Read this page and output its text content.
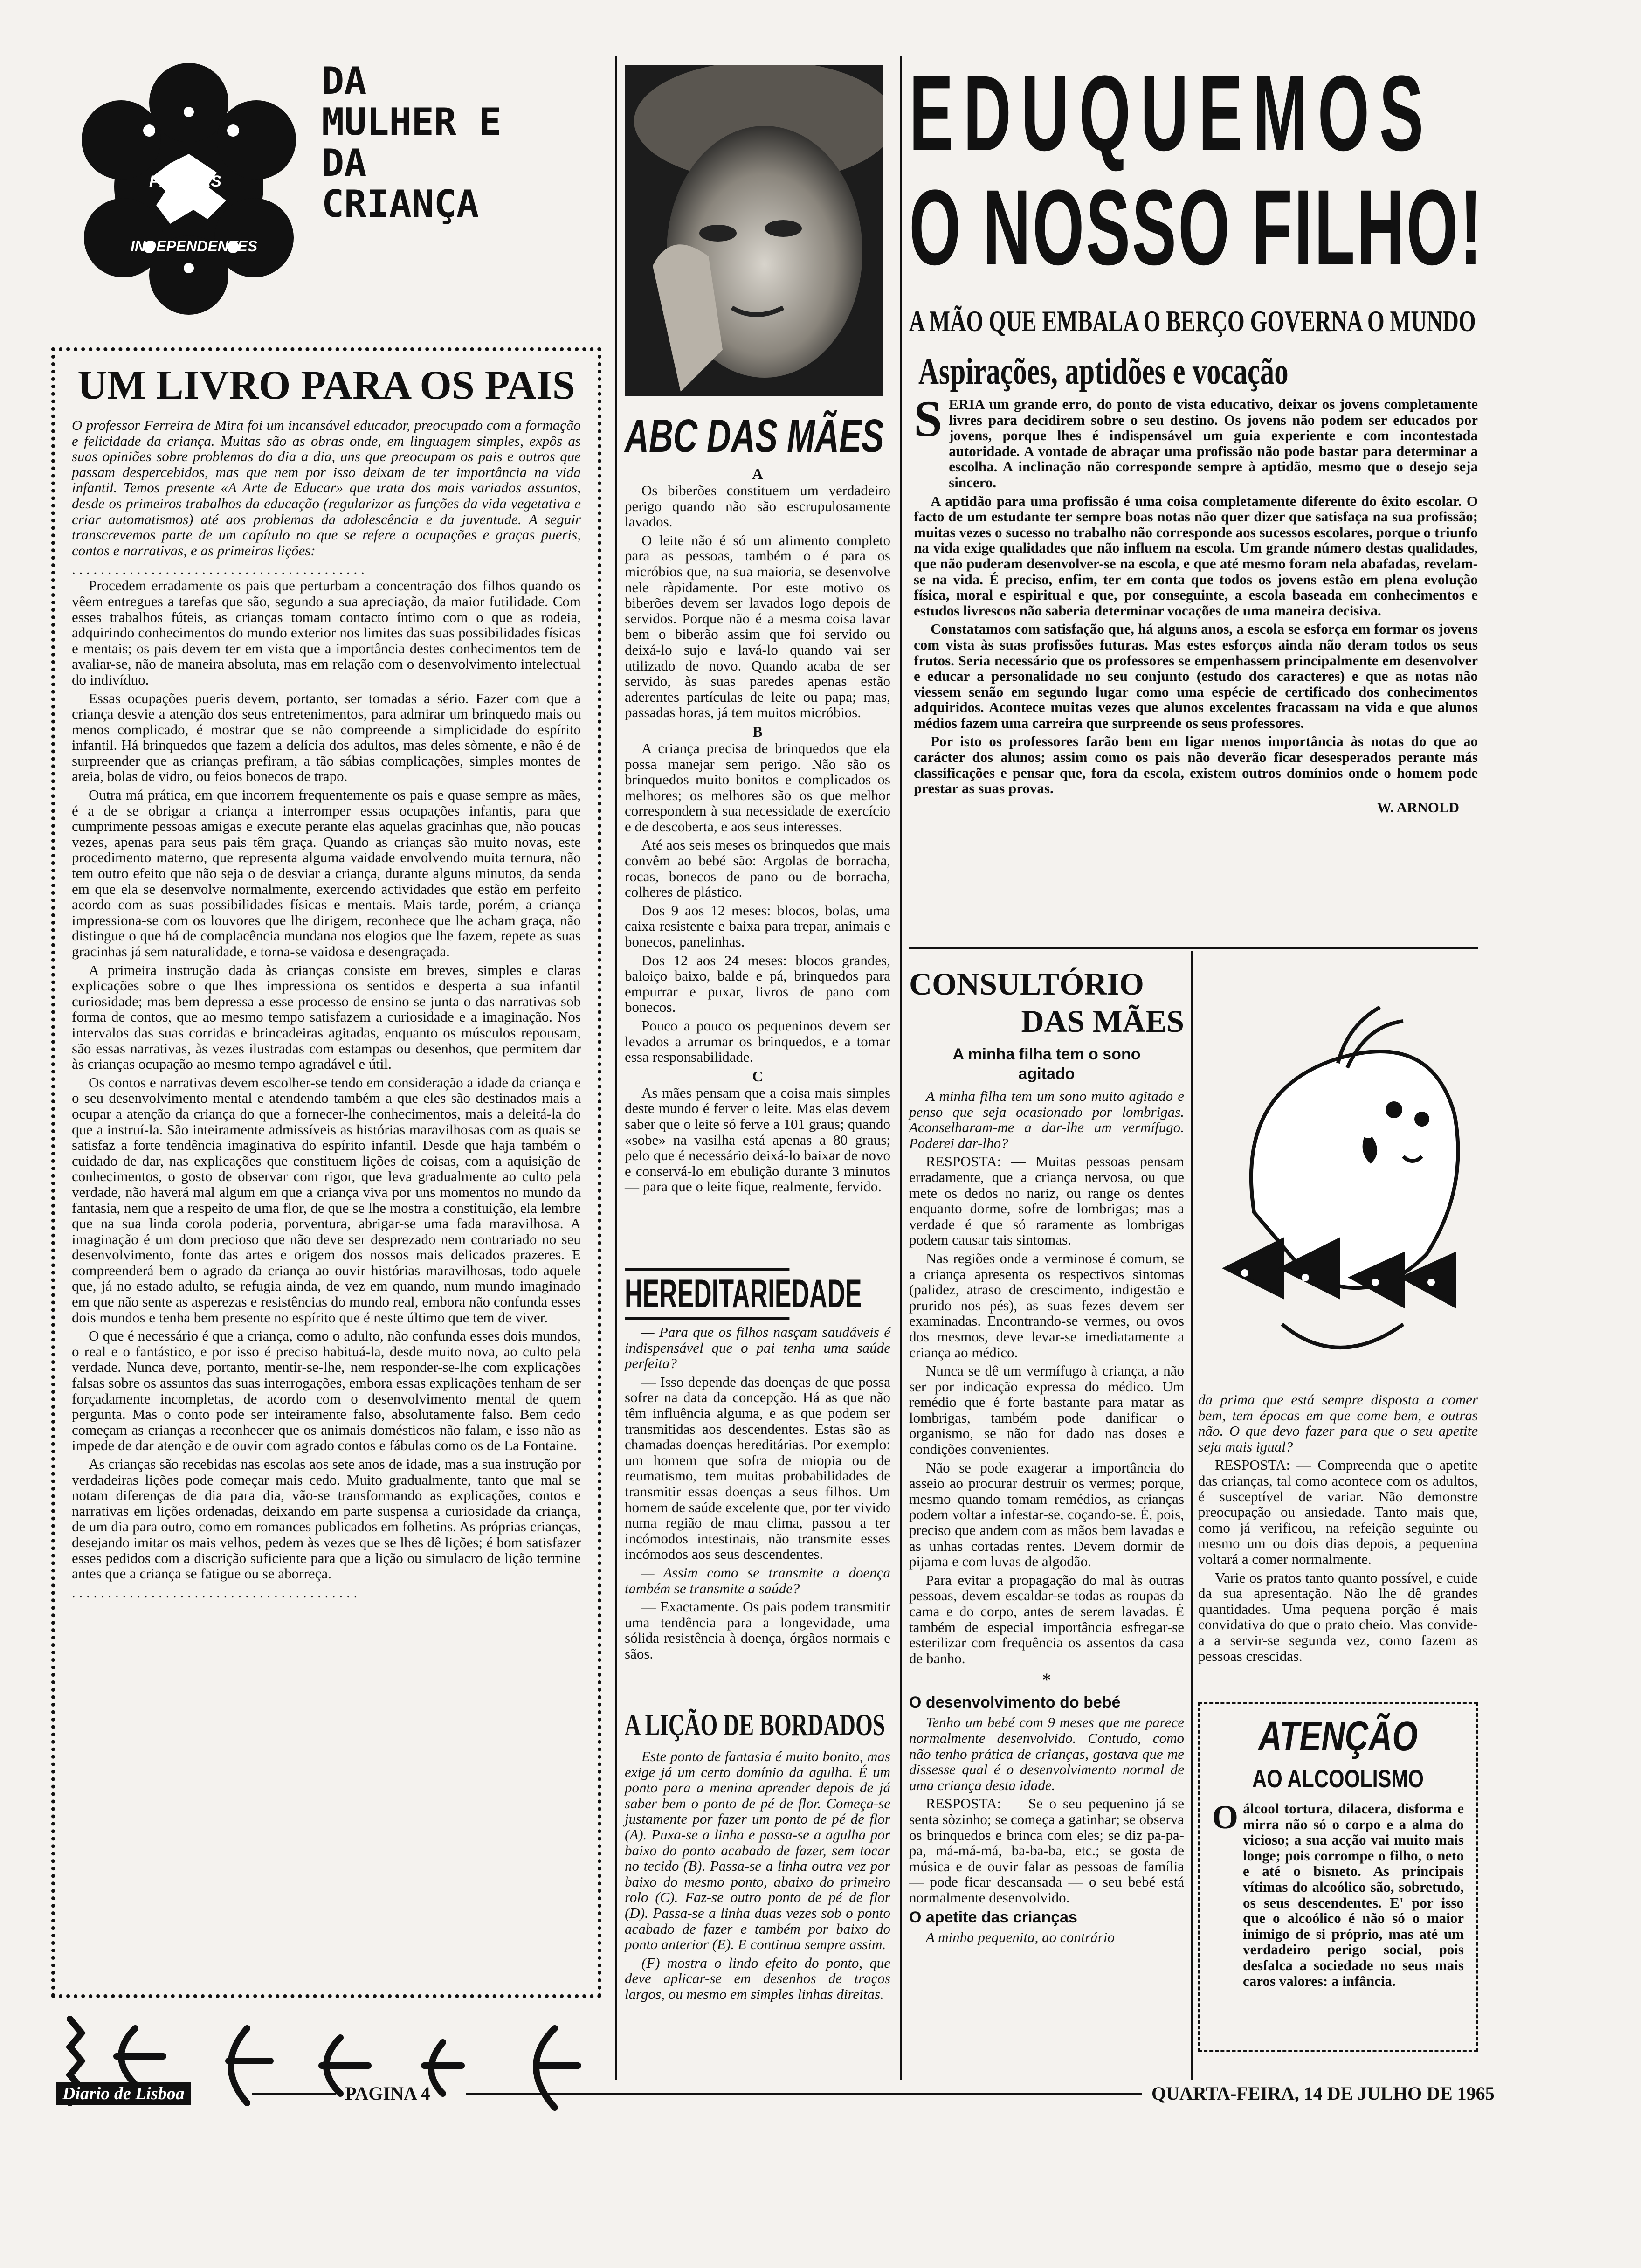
PÁGINAS
INDEPENDENTES
DA
MULHER E
DA
CRIANÇA
EDUQUEMOS
O NOSSO FILHO!
A MÃO QUE EMBALA O BERÇO GOVERNA O MUNDO
Aspirações, aptidões e vocação
S ERIA um grande erro, do ponto de vista educativo, deixar os jovens completamente livres para decidirem sobre o seu destino. Os jovens não podem ser educados por jovens, porque lhes é indispensável um guia experiente e com incontestada autoridade. A vontade de abraçar uma profissão não pode bastar para determinar a escolha. A inclinação não corresponde sempre à aptidão, mesmo que o desejo seja sincero.

A aptidão para uma profissão é uma coisa completamente diferente do êxito escolar. O facto de um estudante ter sempre boas notas não quer dizer que satisfaça na sua profissão; muitas vezes o sucesso no trabalho não corresponde aos sucessos escolares, porque o triunfo na vida exige qualidades que não influem na escola. Um grande número destas qualidades, que não puderam desenvolver-se na escola, e que até mesmo foram nela abafadas, revelam-se na vida. É preciso, enfim, ter em conta que todos os jovens estão em plena evolução física, moral e espiritual e que, por conseguinte, a escola baseada em conhecimentos e estudos livrescos não saberia determinar vocações de uma maneira decisiva.

Constatamos com satisfação que, há alguns anos, a escola se esforça em formar os jovens com vista às suas profissões futuras. Mas estes esforços ainda não deram todos os seus frutos. Seria necessário que os professores se empenhassem principalmente em desenvolver e educar a personalidade no seu conjunto (estudo dos caracteres) e que as notas não viessem senão em segundo lugar como uma espécie de certificado dos conhecimentos adquiridos. Acontece muitas vezes que alunos excelentes fracassam na vida e que alunos médios fazem uma carreira que surpreende os seus professores.

Por isto os professores farão bem em ligar menos importância às notas do que ao carácter dos alunos; assim como os pais não deverão ficar desesperados perante más classificações e pensar que, fora da escola, existem outros domínios onde o homem pode prestar as suas provas.

W. ARNOLD
UM LIVRO PARA OS PAIS

O professor Ferreira de Mira foi um incansável educador, preocupado com a formação e felicidade da criança. Muitas são as obras onde, em linguagem simples, expôs as suas opiniões sobre problemas do dia a dia, uns que preocupam os pais e outros que passam despercebidos, mas que nem por isso deixam de ter importância na vida infantil. Temos presente «A Arte de Educar» que trata dos mais variados assuntos, desde os primeiros trabalhos da educação (regularizar as funções da vida vegetativa e criar automatismos) até aos problemas da adolescência e da juventude. A seguir transcrevemos parte de um capítulo no que se refere a ocupações e graças pueris, contos e narrativas, e as primeiras lições:

. . . . . . . . . . . . . . . . . . . . . . . . . . . . . . . . . . . . . . . . .

Procedem erradamente os pais que perturbam a concentração dos filhos quando os vêem entregues a tarefas que são, segundo a sua apreciação, da maior futilidade. Com esses trabalhos fúteis, as crianças tomam contacto íntimo com o que as rodeia, adquirindo conhecimentos do mundo exterior nos limites das suas possibilidades físicas e mentais; os pais devem ter em vista que a importância destes conhecimentos tem de avaliar-se, não de maneira absoluta, mas em relação com o desenvolvimento intelectual do indivíduo.

Essas ocupações pueris devem, portanto, ser tomadas a sério. Fazer com que a criança desvie a atenção dos seus entretenimentos, para admirar um brinquedo mais ou menos complicado, é mostrar que se não compreende a simplicidade do espírito infantil. Há brinquedos que fazem a delícia dos adultos, mas deles sòmente, e não é de surpreender que as crianças prefiram, a tão sábias complicações, simples montes de areia, bolas de vidro, ou feios bonecos de trapo.

Outra má prática, em que incorrem frequentemente os pais e quase sempre as mães, é a de se obrigar a criança a interromper essas ocupações infantis, para que cumprimente pessoas amigas e execute perante elas aquelas gracinhas que, não poucas vezes, apenas para seus pais têm graça. Quando as crianças são muito novas, este procedimento materno, que representa alguma vaidade envolvendo muita ternura, não tem outro efeito que não seja o de desviar a criança, durante alguns minutos, da senda em que ela se desenvolve normalmente, exercendo actividades que estão em perfeito acordo com as suas possibilidades físicas e mentais. Mais tarde, porém, a criança impressiona-se com os louvores que lhe dirigem, reconhece que lhe acham graça, não distingue o que há de complacência mundana nos elogios que lhe fazem, repete as suas gracinhas já sem naturalidade, e torna-se vaidosa e desengraçada.

A primeira instrução dada às crianças consiste em breves, simples e claras explicações sobre o que lhes impressiona os sentidos e desperta a sua infantil curiosidade; mas bem depressa a esse processo de ensino se junta o das narrativas sob forma de contos, que ao mesmo tempo satisfazem a curiosidade e a imaginação. Nos intervalos das suas corridas e brincadeiras agitadas, enquanto os músculos repousam, são essas narrativas, às vezes ilustradas com estampas ou desenhos, que permitem dar às crianças ocupação ao mesmo tempo agradável e útil.

Os contos e narrativas devem escolher-se tendo em consideração a idade da criança e o seu desenvolvimento mental e atendendo também a que eles são destinados mais a ocupar a atenção da criança do que a fornecer-lhe conhecimentos, mais a deleitá-la do que a instruí-la. São inteiramente admissíveis as histórias maravilhosas com as quais se satisfaz a forte tendência imaginativa do espírito infantil. Desde que haja também o cuidado de dar, nas explicações que constituem lições de coisas, com a aquisição de conhecimentos, o gosto de observar com rigor, que leva gradualmente ao culto pela verdade, não haverá mal algum em que a criança viva por uns momentos no mundo da fantasia, nem que a respeito de uma flor, de que se lhe mostra a constituição, ela lembre que na sua linda corola poderia, porventura, abrigar-se uma fada maravilhosa. A imaginação é um dom precioso que não deve ser desprezado nem contrariado no seu desenvolvimento, fonte das artes e origem dos nossos mais delicados prazeres. E compreenderá bem o agrado da criança ao ouvir histórias maravilhosas, todo aquele que, já no estado adulto, se refugia ainda, de vez em quando, num mundo imaginado em que não sente as asperezas e resistências do mundo real, embora não confunda esses dois mundos e tenha bem presente no espírito que é neste último que tem de viver.

O que é necessário é que a criança, como o adulto, não confunda esses dois mundos, o real e o fantástico, e por isso é preciso habituá-la, desde muito nova, ao culto pela verdade. Nunca deve, portanto, mentir-se-lhe, nem responder-se-lhe com explicações falsas sobre os assuntos das suas interrogações, embora essas explicações tenham de ser forçadamente incompletas, de acordo com o desenvolvimento mental de quem pergunta. Mas o conto pode ser inteiramente falso, absolutamente falso. Bem cedo começam as crianças a reconhecer que os animais domésticos não falam, e isso não as impede de dar atenção e de ouvir com agrado contos e fábulas como os de La Fontaine.

As crianças são recebidas nas escolas aos sete anos de idade, mas a sua instrução por verdadeiras lições pode começar mais cedo. Muito gradualmente, tanto que mal se notam diferenças de dia para dia, vão-se transformando as explicações, contos e narrativas em lições ordenadas, deixando em parte suspensa a curiosidade da criança, de um dia para outro, como em romances publicados em folhetins. As próprias crianças, desejando imitar os mais velhos, pedem às vezes que se lhes dê lições; é bom satisfazer esses pedidos com a discrição suficiente para que a lição ou simulacro de lição termine antes que a criança se fatigue ou se aborreça.

. . . . . . . . . . . . . . . . . . . . . . . . . . . . . . . . . . . . . . . .
ABC DAS MÃES
A

Os biberões constituem um verdadeiro perigo quando não são escrupulosamente lavados.

O leite não é só um alimento completo para as pessoas, também o é para os micróbios que, na sua maioria, se desenvolve nele ràpidamente. Por este motivo os biberões devem ser lavados logo depois de servidos. Porque não é a mesma coisa lavar bem o biberão assim que foi servido ou deixá-lo sujo e lavá-lo quando vai ser utilizado de novo. Quando acaba de ser servido, às suas paredes apenas estão aderentes partículas de leite ou papa; mas, passadas horas, já tem muitos micróbios.

B

A criança precisa de brinquedos que ela possa manejar sem perigo. Não são os brinquedos muito bonitos e complicados os melhores; os melhores são os que melhor correspondem à sua necessidade de exercício e de descoberta, e aos seus interesses.

Até aos seis meses os brinquedos que mais convêm ao bebé são: Argolas de borracha, rocas, bonecos de pano ou de borracha, colheres de plástico.

Dos 9 aos 12 meses: blocos, bolas, uma caixa resistente e baixa para trepar, animais e bonecos, panelinhas.

Dos 12 aos 24 meses: blocos grandes, baloiço baixo, balde e pá, brinquedos para empurrar e puxar, livros de pano com bonecos.

Pouco a pouco os pequeninos devem ser levados a arrumar os brinquedos, e a tomar essa responsabilidade.

C

As mães pensam que a coisa mais simples deste mundo é ferver o leite. Mas elas devem saber que o leite só ferve a 101 graus; quando «sobe» na vasilha está apenas a 80 graus; pelo que é necessário deixá-lo baixar de novo e conservá-lo em ebulição durante 3 minutos — para que o leite fique, realmente, fervido.

HEREDITARIEDADE

— Para que os filhos nasçam saudáveis é indispensável que o pai tenha uma saúde perfeita?

— Isso depende das doenças de que possa sofrer na data da concepção. Há as que não têm influência alguma, e as que podem ser transmitidas aos descendentes. Estas são as chamadas doenças hereditárias. Por exemplo: um homem que sofra de miopia ou de reumatismo, tem muitas probabilidades de transmitir essas doenças a seus filhos. Um homem de saúde excelente que, por ter vivido numa região de mau clima, passou a ter incómodos intestinais, não transmite esses incómodos aos seus descendentes.

— Assim como se transmite a doença também se transmite a saúde?

— Exactamente. Os pais podem transmitir uma tendência para a longevidade, uma sólida resistência à doença, órgãos normais e sãos.

A LIÇÃO DE BORDADOS

Este ponto de fantasia é muito bonito, mas exige já um certo domínio da agulha. É um ponto para a menina aprender depois de já saber bem o ponto de pé de flor. Começa-se justamente por fazer um ponto de pé de flor (A). Puxa-se a linha e passa-se a agulha por baixo do ponto acabado de fazer, sem tocar no tecido (B). Passa-se a linha outra vez por baixo do mesmo ponto, abaixo do primeiro rolo (C). Faz-se outro ponto de pé de flor (D). Passa-se a linha duas vezes sob o ponto acabado de fazer e também por baixo do ponto anterior (E). E continua sempre assim.

(F) mostra o lindo efeito do ponto, que deve aplicar-se em desenhos de traços largos, ou mesmo em simples linhas direitas.

CONSULTÓRIO
DAS MÃES
A minha filha tem o sono agitado

A minha filha tem um sono muito agitado e penso que seja ocasionado por lombrigas. Aconselharam-me a dar-lhe um vermífugo. Poderei dar-lho?

RESPOSTA: — Muitas pessoas pensam erradamente, que a criança nervosa, ou que mete os dedos no nariz, ou range os dentes enquanto dorme, sofre de lombrigas; mas a verdade é que só raramente as lombrigas podem causar tais sintomas.

Nas regiões onde a verminose é comum, se a criança apresenta os respectivos sintomas (palidez, atraso de crescimento, indigestão e prurido nos pés), as suas fezes devem ser examinadas. Encontrando-se vermes, ou ovos dos mesmos, deve levar-se imediatamente a criança ao médico.

Nunca se dê um vermífugo à criança, a não ser por indicação expressa do médico. Um remédio que é forte bastante para matar as lombrigas, também pode danificar o organismo, se não for dado nas doses e condições convenientes.

Não se pode exagerar a importância do asseio ao procurar destruir os vermes; porque, mesmo quando tomam remédios, as crianças podem voltar a infestar-se, coçando-se. É, pois, preciso que andem com as mãos bem lavadas e as unhas cortadas rentes. Devem dormir de pijama e com luvas de algodão.

Para evitar a propagação do mal às outras pessoas, devem escaldar-se todas as roupas da cama e do corpo, antes de serem lavadas. É também de especial importância esfregar-se esterilizar com frequência os assentos da casa de banho.

*
O desenvolvimento do bebé

Tenho um bebé com 9 meses que me parece normalmente desenvolvido. Contudo, como não tenho prática de crianças, gostava que me dissesse qual é o desenvolvimento normal de uma criança desta idade.

RESPOSTA: — Se o seu pequenino já se senta sòzinho; se começa a gatinhar; se observa os brinquedos e brinca com eles; se diz pa-pa-pa, má-má-má, ba-ba-ba, etc.; se gosta de música e de ouvir falar as pessoas de família — pode ficar descansada — o seu bebé está normalmente desenvolvido.

O apetite das crianças

A minha pequenita, ao contrário

da prima que está sempre disposta a comer bem, tem épocas em que come bem, e outras não. O que devo fazer para que o seu apetite seja mais igual?

RESPOSTA: — Compreenda que o apetite das crianças, tal como acontece com os adultos, é susceptível de variar. Não demonstre preocupação ou ansiedade. Tanto mais que, como já verificou, na refeição seguinte ou mesmo um ou dois dias depois, a pequenina voltará a comer normalmente.

Varie os pratos tanto quanto possível, e cuide da sua apresentação. Não lhe dê grandes quantidades. Uma pequena porção é mais convidativa do que o prato cheio. Mas convide-a a servir-se segunda vez, como fazem as pessoas crescidas.

ATENÇÃO
AO ALCOOLISMO
O álcool tortura, dilacera, disforma e mirra não só o corpo e a alma do vicioso; a sua acção vai muito mais longe; pois corrompe o filho, o neto e até o bisneto. As principais vítimas do alcoólico são, sobretudo, os seus descendentes. E' por isso que o alcoólico é não só o maior inimigo de si próprio, mas até um verdadeiro perigo social, pois desfalca a sociedade no seus mais caros valores: a infância.

Diario de Lisboa	PAGINA 4	QUARTA-FEIRA, 14 DE JULHO DE 1965
